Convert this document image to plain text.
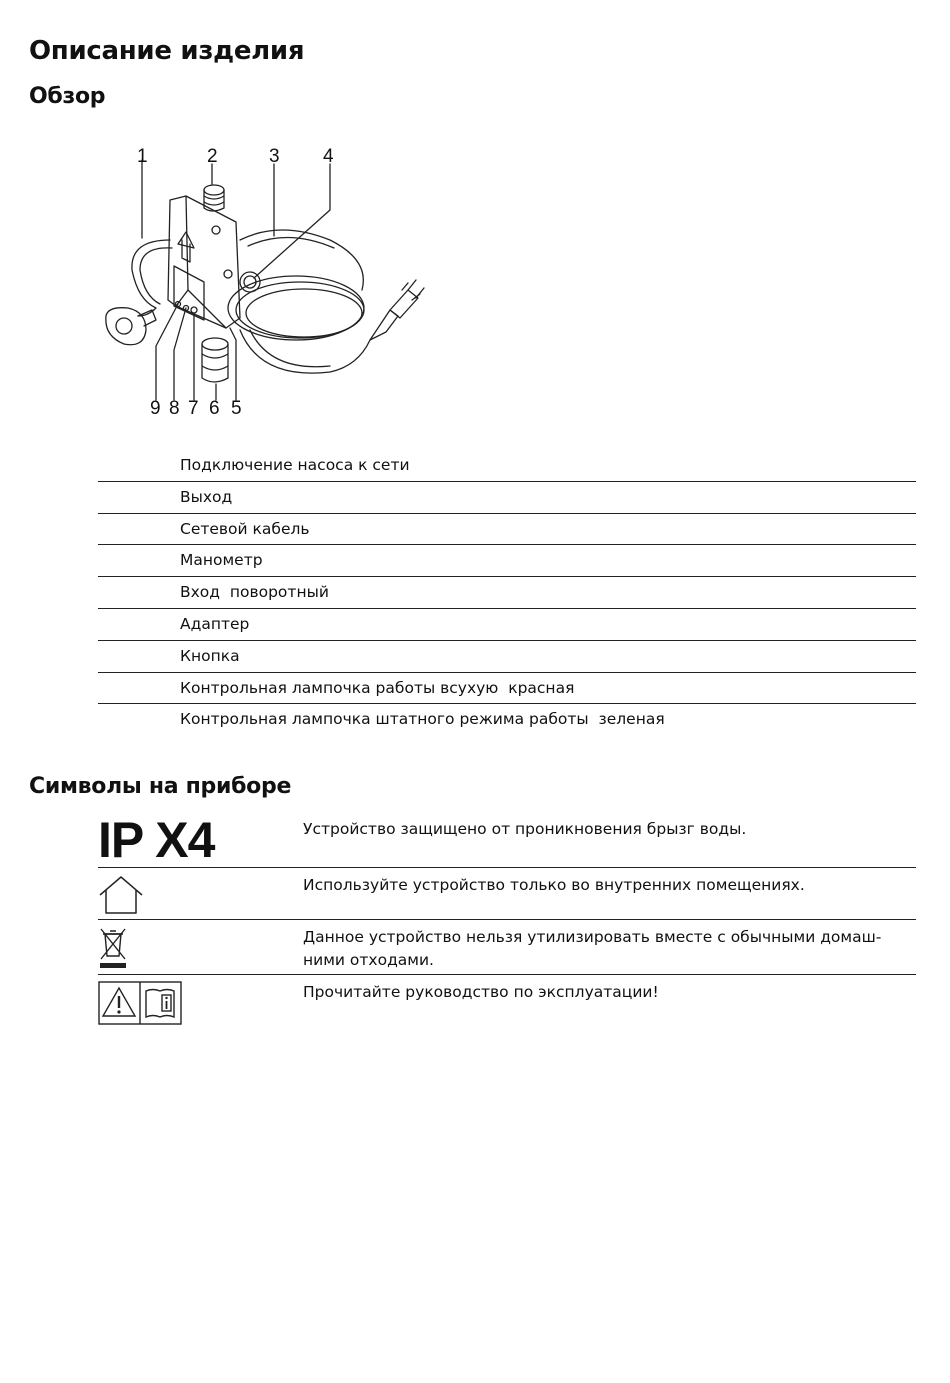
Описание изделия
Обзор
1	2	3 4
9 8 7 6 5
Подключение насоса к сети
Выход
Сетевой кабель
Манометр
Вход  поворотный
Адаптер
Кнопка
Контрольная лампочка работы всухую  красная
Контрольная лампочка штатного режима работы  зеленая
Символы на приборе
IP X4	Устройство защищено от проникновения брызг воды.
Используйте устройство только во внутренних помещениях.
Данное устройство нельзя утилизировать вместе с обычными домаш-
ними отходами.
Прочитайте руководство по эксплуатации!
